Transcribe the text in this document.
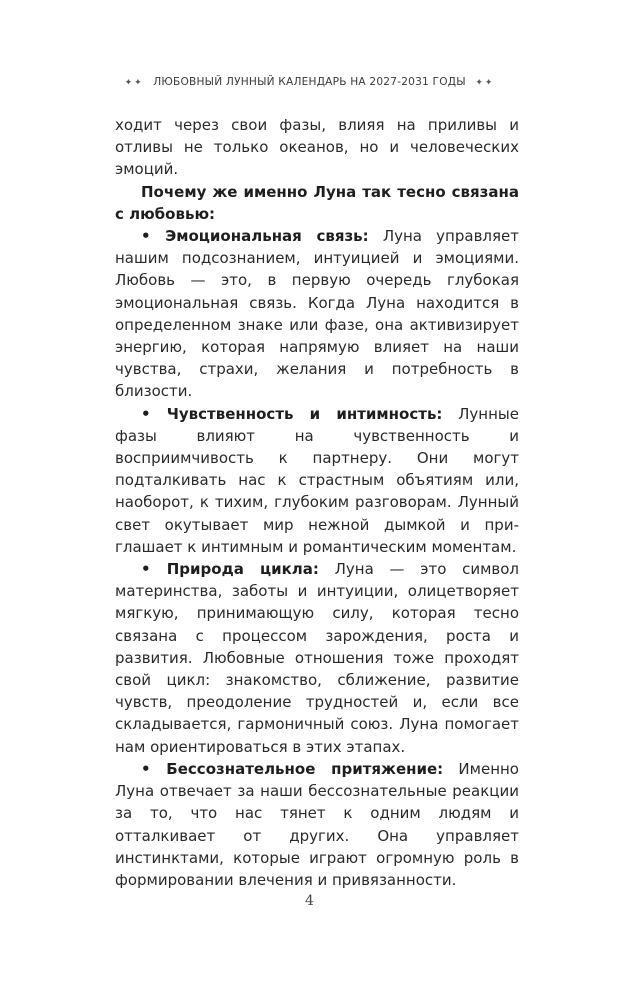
✦✦ ЛЮБОВНЫЙ ЛУННЫЙ КАЛЕНДАРЬ НА 2027-2031 ГОДЫ ✦✦

ходит через свои фазы, влияя на приливы и отливы не только океанов, но и человеческих эмоций.

Почему же именно Луна так тесно связана с любовью:

• Эмоциональная связь: Луна управляет нашим подсознанием, интуицией и эмоциями. Любовь — это, в первую очередь глубокая эмоциональная связь. Когда Луна находится в определенном знаке или фазе, она активизирует энергию, которая напрямую влияет на наши чувства, страхи, желания и потребность в близости.

• Чувственность и интимность: Лунные фазы влияют на чувственность и восприимчивость к партнеру. Они могут подталкивать нас к страстным объятиям или, наоборот, к тихим, глубоким разговорам. Лунный свет окутывает мир нежной дымкой и приглашает к интимным и романтическим моментам.

• Природа цикла: Луна — это символ материнства, заботы и интуиции, олицетворяет мягкую, принимающую силу, которая тесно связана с процессом зарождения, роста и развития. Любовные отношения тоже проходят свой цикл: знакомство, сближение, развитие чувств, преодоление трудностей и, если все складывается, гармоничный союз. Луна помогает нам ориентироваться в этих этапах.

• Бессознательное притяжение: Именно Луна отвечает за наши бессознательные реакции за то, что нас тянет к одним людям и отталкивает от других. Она управляет инстинктами, которые играют огромную роль в формировании влечения и привязанности.

4
